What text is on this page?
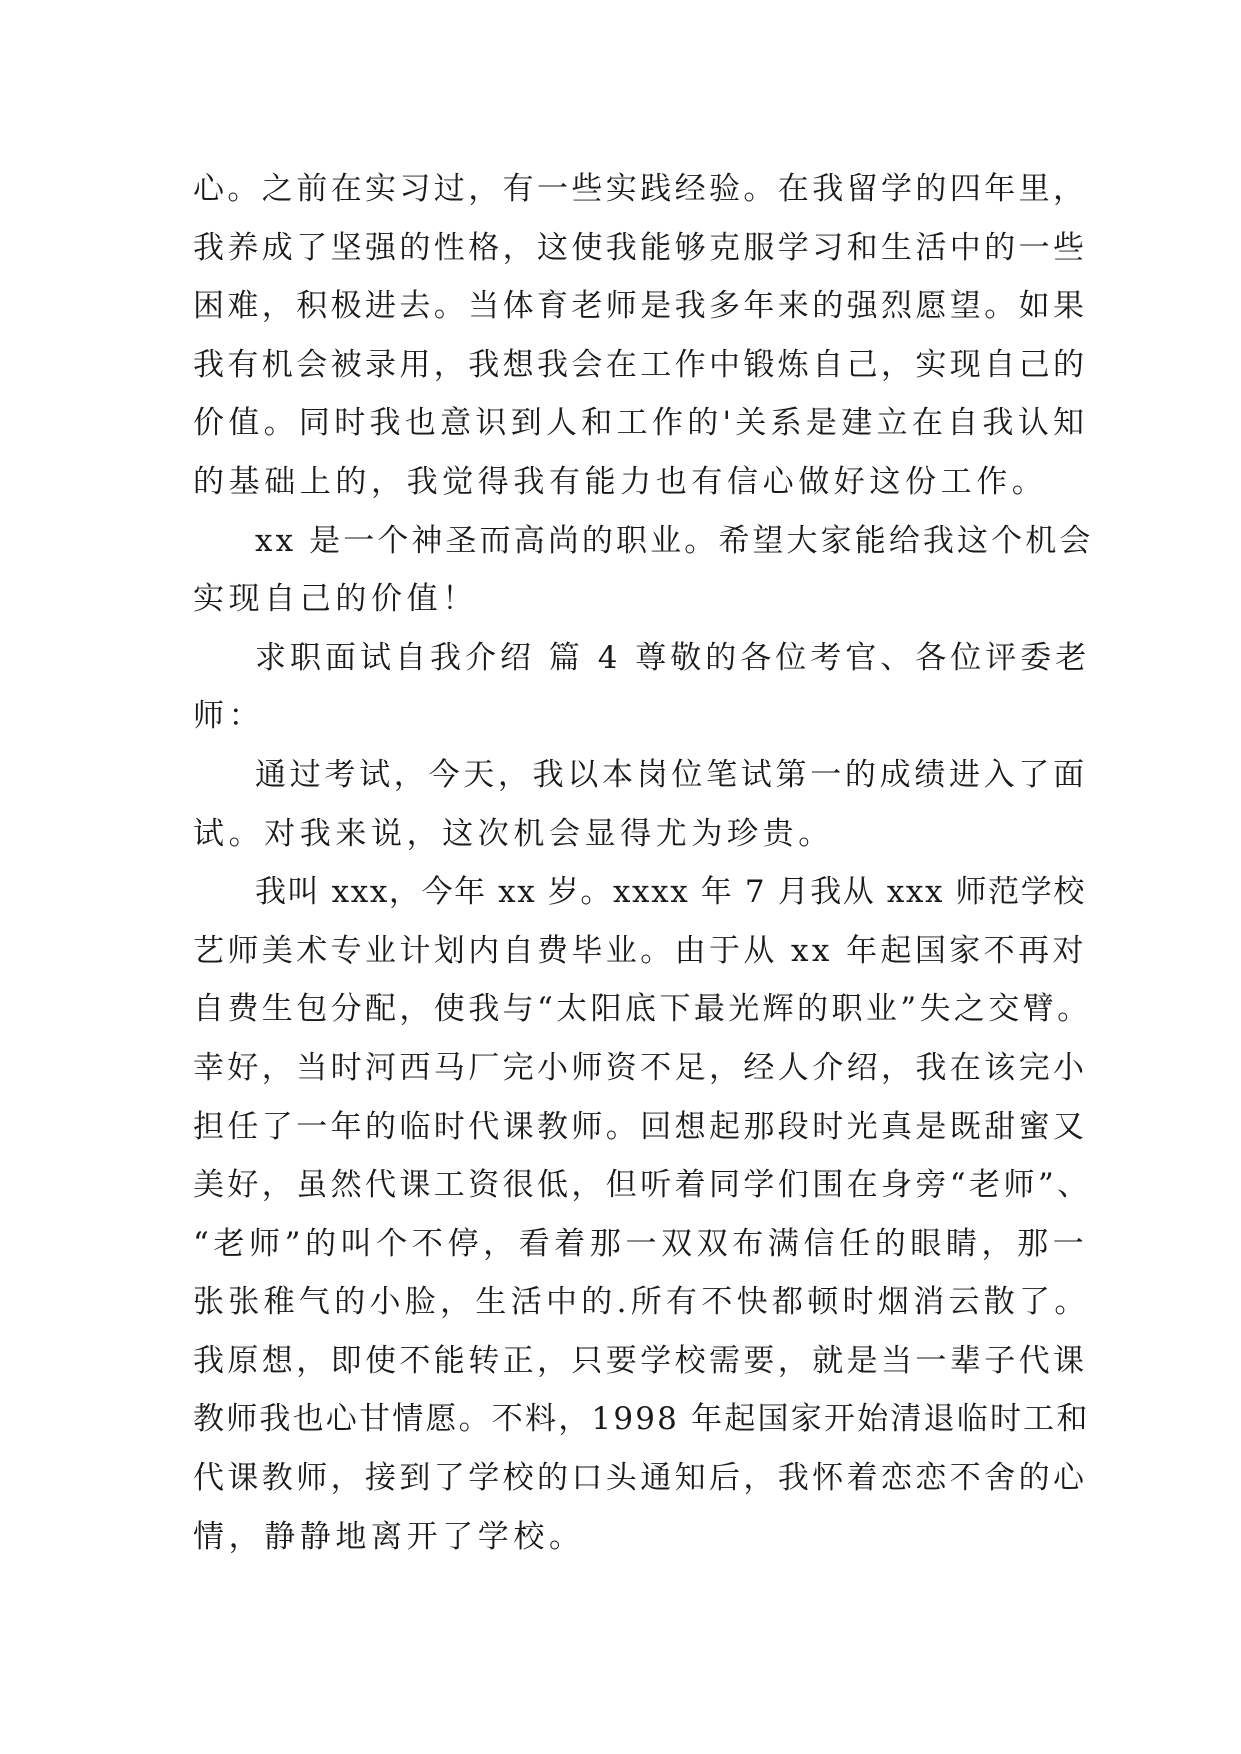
心。之前在实习过，有一些实践经验。在我留学的四年里，
我养成了坚强的性格，这使我能够克服学习和生活中的一些
困难，积极进去。当体育老师是我多年来的强烈愿望。如果
我有机会被录用，我想我会在工作中锻炼自己，实现自己的
价值。同时我也意识到人和工作的'关系是建立在自我认知
的基础上的，我觉得我有能力也有信心做好这份工作。
xx 是一个神圣而高尚的职业。希望大家能给我这个机会
实现自己的价值！
求职面试自我介绍 篇 4 尊敬的各位考官、各位评委老
师：
通过考试，今天，我以本岗位笔试第一的成绩进入了面
试。对我来说，这次机会显得尤为珍贵。
我叫 xxx，今年 xx 岁。xxxx 年 7 月我从 xxx 师范学校
艺师美术专业计划内自费毕业。由于从 xx 年起国家不再对
自费生包分配，使我与“太阳底下最光辉的职业”失之交臂。
幸好，当时河西马厂完小师资不足，经人介绍，我在该完小
担任了一年的临时代课教师。回想起那段时光真是既甜蜜又
美好，虽然代课工资很低，但听着同学们围在身旁“老师”、
“老师”的叫个不停，看着那一双双布满信任的眼睛，那一
张张稚气的小脸，生活中的.所有不快都顿时烟消云散了。
我原想，即使不能转正，只要学校需要，就是当一辈子代课
教师我也心甘情愿。不料，1998 年起国家开始清退临时工和
代课教师，接到了学校的口头通知后，我怀着恋恋不舍的心
情，静静地离开了学校。
